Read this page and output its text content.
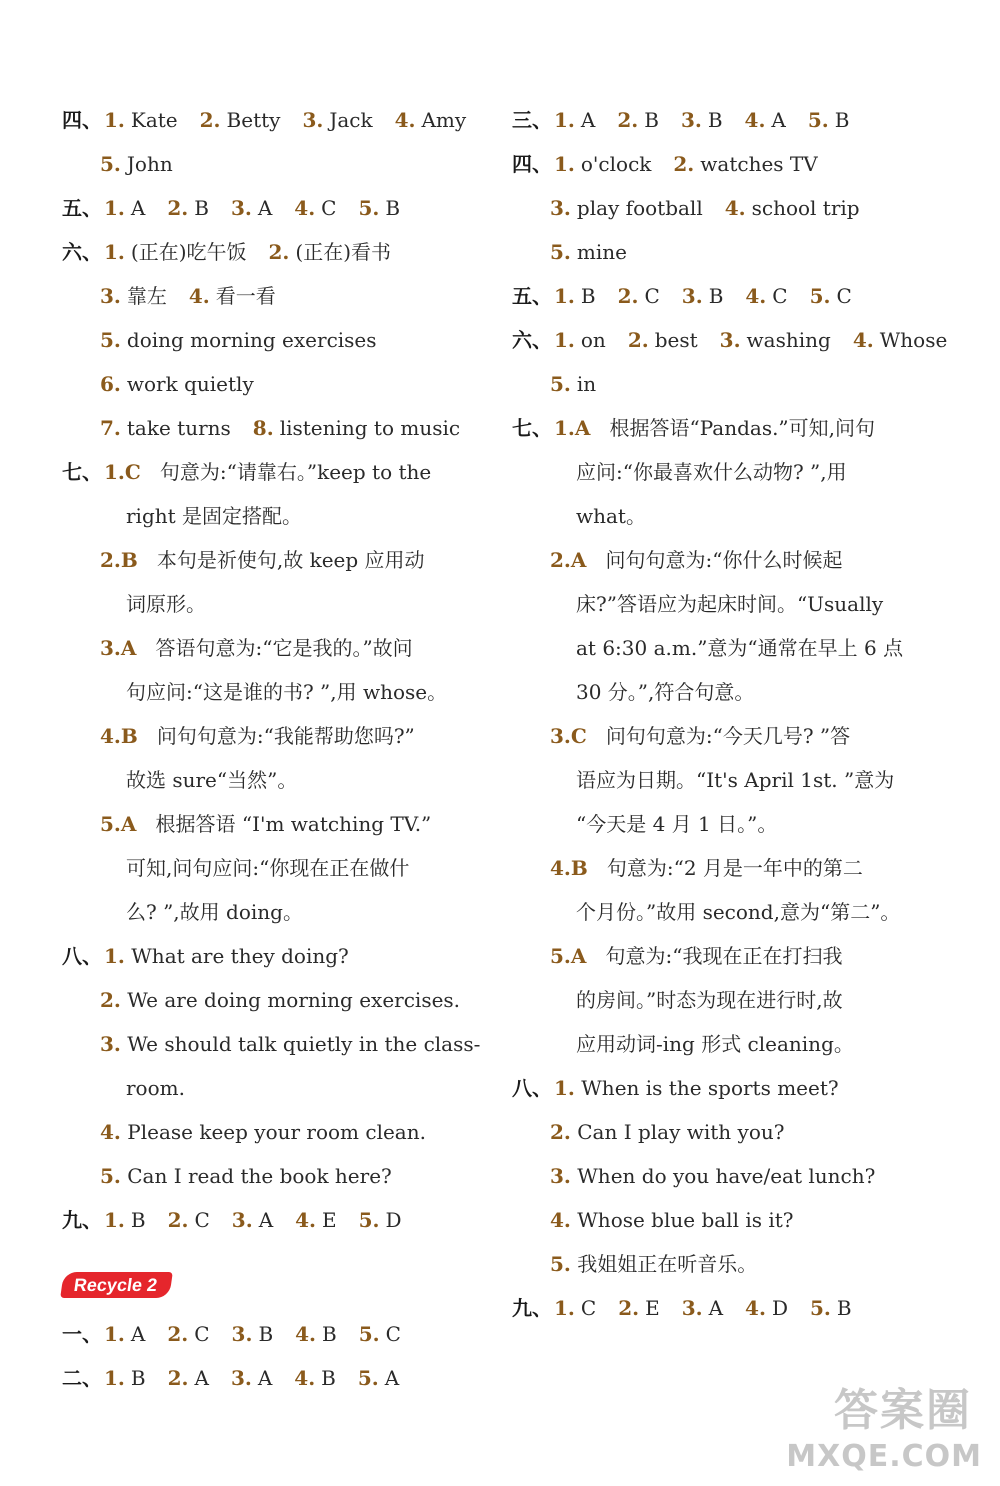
四、 1. Kate 2. Betty 3. Jack 4. Amy
5. John
五、 1. A 2. B 3. A 4. C 5. B
六、 1. (正在)吃午饭 2. (正在)看书
3. 靠左 4. 看一看
5. doing morning exercises
6. work quietly
7. take turns 8. listening to music
七、 1.C 句意为:“请靠右。”keep to the
right 是固定搭配。
2.B 本句是祈使句,故 keep 应用动
词原形。
3.A 答语句意为:“它是我的。”故问
句应问:“这是谁的书? ”,用 whose。
4.B 问句句意为:“我能帮助您吗?”
故选 sure“当然”。
5.A 根据答语 “I'm watching TV.”
可知,问句应问:“你现在正在做什
么? ”,故用 doing。
八、 1. What are they doing?
2. We are doing morning exercises.
3. We should talk quietly in the class-
room.
4. Please keep your room clean.
5. Can I read the book here?
九、 1. B 2. C 3. A 4. E 5. D
Recycle 2
一、 1. A 2. C 3. B 4. B 5. C
二、 1. B 2. A 3. A 4. B 5. A
三、 1. A 2. B 3. B 4. A 5. B
四、 1. o'clock 2. watches TV
3. play football 4. school trip
5. mine
五、 1. B 2. C 3. B 4. C 5. C
六、 1. on 2. best 3. washing 4. Whose
5. in
七、 1.A 根据答语“Pandas.”可知,问句
应问:“你最喜欢什么动物? ”,用
what。
2.A 问句句意为:“你什么时候起
床?”答语应为起床时间。“Usually
at 6:30 a.m.”意为“通常在早上 6 点
30 分。”,符合句意。
3.C 问句句意为:“今天几号? ”答
语应为日期。“It's April 1st. ”意为
“今天是 4 月 1 日。”。
4.B 句意为:“2 月是一年中的第二
个月份。”故用 second,意为“第二”。
5.A 句意为:“我现在正在打扫我
的房间。”时态为现在进行时,故
应用动词-ing 形式 cleaning。
八、 1. When is the sports meet?
2. Can I play with you?
3. When do you have/eat lunch?
4. Whose blue ball is it?
5. 我姐姐正在听音乐。
九、 1. C 2. E 3. A 4. D 5. B
答案圈
MXQE.COM
